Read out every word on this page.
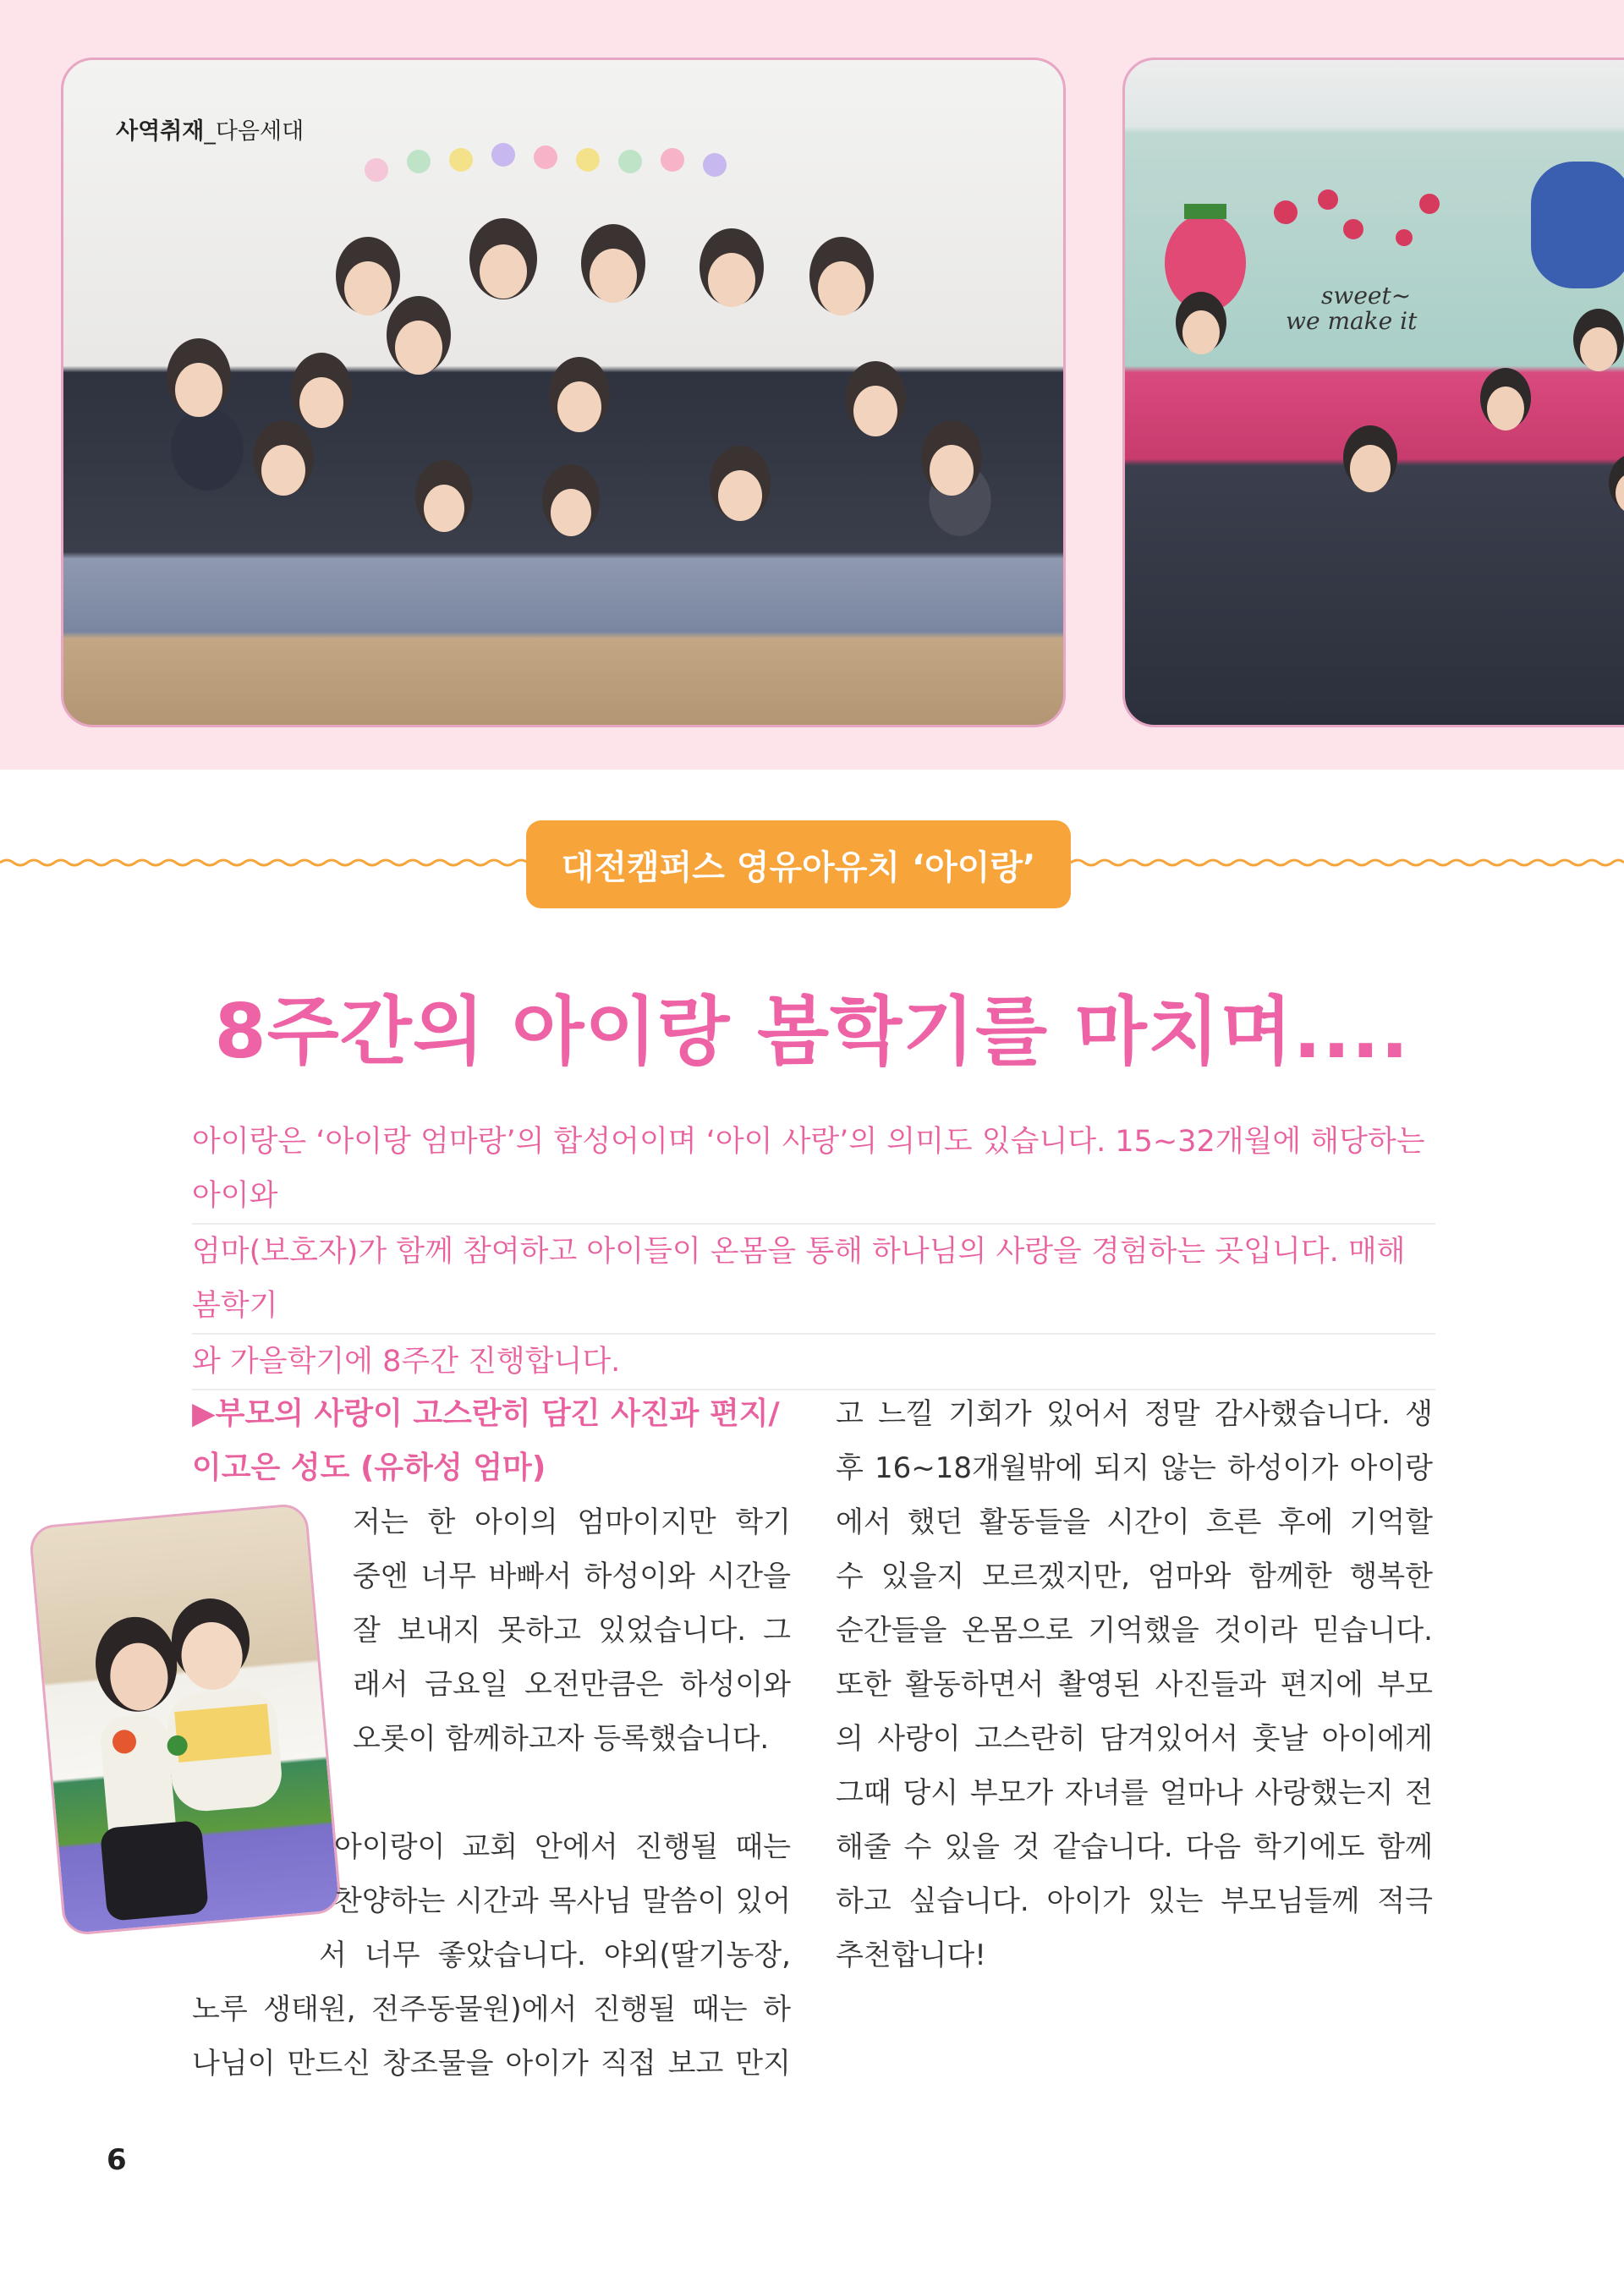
사역취재_다음세대
sweet~
we make it
대전캠퍼스 영유아유치 ‘아이랑’
8주간의 아이랑 봄학기를 마치며....
아이랑은 ‘아이랑 엄마랑’의 합성어이며 ‘아이 사랑’의 의미도 있습니다. 15~32개월에 해당하는 아이와
엄마(보호자)가 함께 참여하고 아이들이 온몸을 통해 하나님의 사랑을 경험하는 곳입니다. 매해 봄학기
와 가을학기에 8주간 진행합니다.
▶부모의 사랑이 고스란히 담긴 사진과 편지/
이고은 성도 (유하성 엄마)
저는 한 아이의 엄마이지만 학기
중엔 너무 바빠서 하성이와 시간을
잘 보내지 못하고 있었습니다. 그
래서 금요일 오전만큼은 하성이와
오롯이 함께하고자 등록했습니다.
아이랑이 교회 안에서 진행될 때는
찬양하는 시간과 목사님 말씀이 있어
서 너무 좋았습니다. 야외(딸기농장,
노루 생태원, 전주동물원)에서 진행될 때는 하
나님이 만드신 창조물을 아이가 직접 보고 만지
고 느낄 기회가 있어서 정말 감사했습니다. 생
후 16~18개월밖에 되지 않는 하성이가 아이랑
에서 했던 활동들을 시간이 흐른 후에 기억할
수 있을지 모르겠지만, 엄마와 함께한 행복한
순간들을 온몸으로 기억했을 것이라 믿습니다.
또한 활동하면서 촬영된 사진들과 편지에 부모
의 사랑이 고스란히 담겨있어서 훗날 아이에게
그때 당시 부모가 자녀를 얼마나 사랑했는지 전
해줄 수 있을 것 같습니다. 다음 학기에도 함께
하고 싶습니다. 아이가 있는 부모님들께 적극
추천합니다!
6
